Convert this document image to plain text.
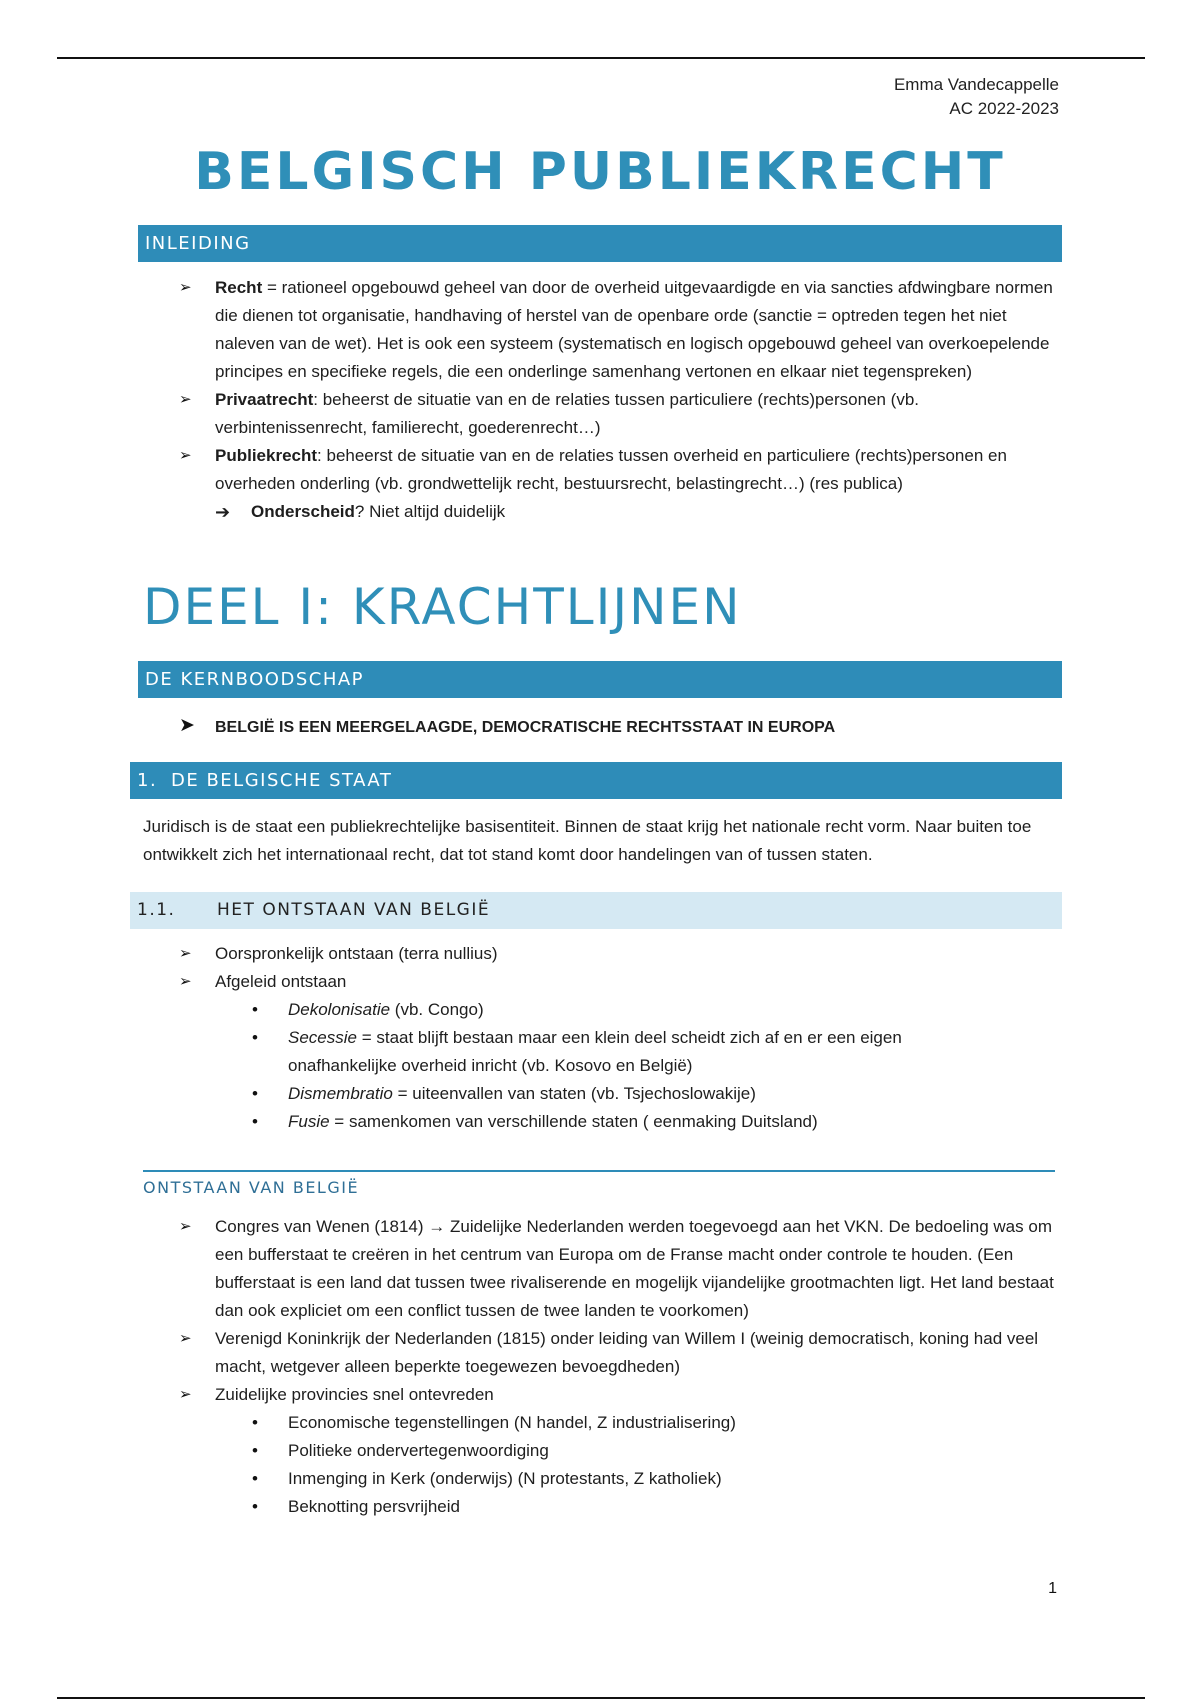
Emma Vandecappelle
AC 2022-2023
BELGISCH PUBLIEKRECHT
INLEIDING
➢ Recht = rationeel opgebouwd geheel van door de overheid uitgevaardigde en via sancties afdwingbare normen die dienen tot organisatie, handhaving of herstel van de openbare orde (sanctie = optreden tegen het niet naleven van de wet). Het is ook een systeem (systematisch en logisch opgebouwd geheel van overkoepelende principes en specifieke regels, die een onderlinge samenhang vertonen en elkaar niet tegenspreken)
➢ Privaatrecht: beheerst de situatie van en de relaties tussen particuliere (rechts)personen (vb. verbintenissenrecht, familierecht, goederenrecht…)
➢ Publiekrecht: beheerst de situatie van en de relaties tussen overheid en particuliere (rechts)personen en overheden onderling (vb. grondwettelijk recht, bestuursrecht, belastingrecht…) (res publica)
➔ Onderscheid? Niet altijd duidelijk
DEEL I: KRACHTLIJNEN
DE KERNBOODSCHAP
➤ BELGIË IS EEN MEERGELAAGDE, DEMOCRATISCHE RECHTSSTAAT IN EUROPA
1. DE BELGISCHE STAAT
Juridisch is de staat een publiekrechtelijke basisentiteit. Binnen de staat krijg het nationale recht vorm. Naar buiten toe ontwikkelt zich het internationaal recht, dat tot stand komt door handelingen van of tussen staten.
1.1. HET ONTSTAAN VAN BELGIË
➢ Oorspronkelijk ontstaan (terra nullius)
➢ Afgeleid ontstaan
• Dekolonisatie (vb. Congo)
• Secessie = staat blijft bestaan maar een klein deel scheidt zich af en er een eigen onafhankelijke overheid inricht (vb. Kosovo en België)
• Dismembratio = uiteenvallen van staten (vb. Tsjechoslowakije)
• Fusie = samenkomen van verschillende staten ( eenmaking Duitsland)
ONTSTAAN VAN BELGIË
➢ Congres van Wenen (1814) → Zuidelijke Nederlanden werden toegevoegd aan het VKN. De bedoeling was om een bufferstaat te creëren in het centrum van Europa om de Franse macht onder controle te houden. (Een bufferstaat is een land dat tussen twee rivaliserende en mogelijk vijandelijke grootmachten ligt. Het land bestaat dan ook expliciet om een conflict tussen de twee landen te voorkomen)
➢ Verenigd Koninkrijk der Nederlanden (1815) onder leiding van Willem I (weinig democratisch, koning had veel macht, wetgever alleen beperkte toegewezen bevoegdheden)
➢ Zuidelijke provincies snel ontevreden
• Economische tegenstellingen (N handel, Z industrialisering)
• Politieke ondervertegenwoordiging
• Inmenging in Kerk (onderwijs) (N protestants, Z katholiek)
• Beknotting persvrijheid
1
